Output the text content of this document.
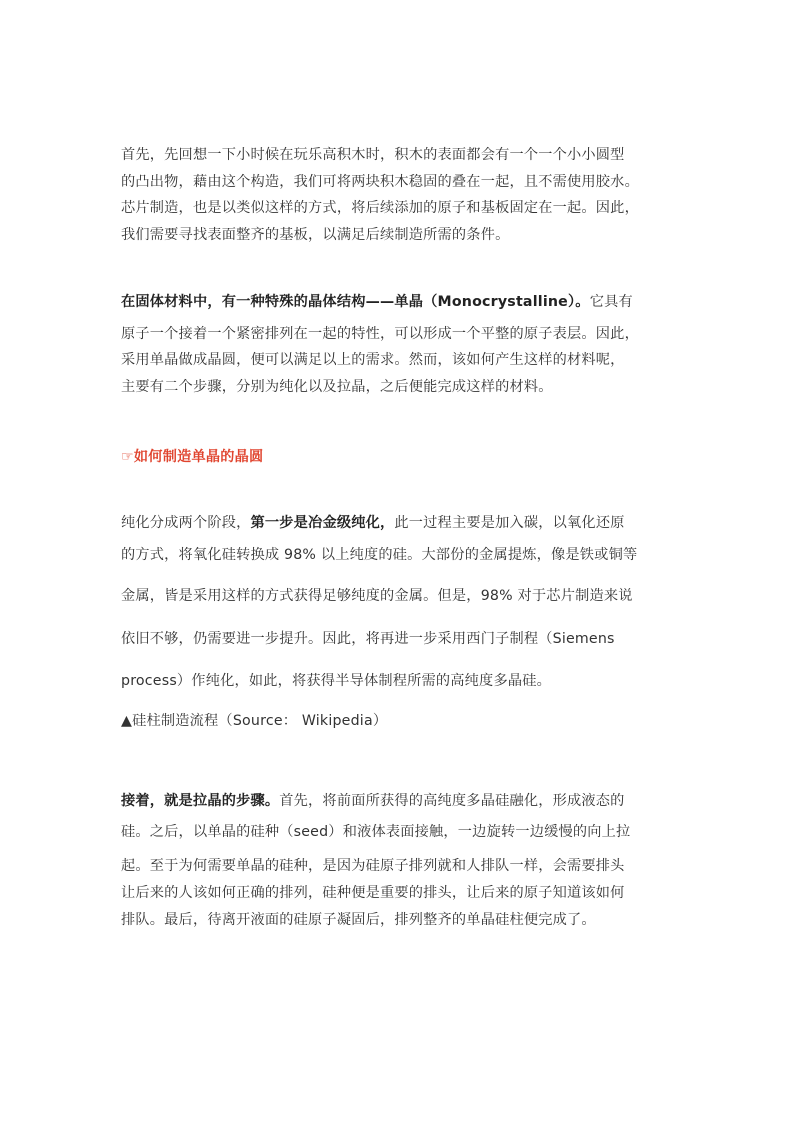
首先，先回想一下小时候在玩乐高积木时，积木的表面都会有一个一个小小圆型
的凸出物，藉由这个构造，我们可将两块积木稳固的叠在一起，且不需使用胶水。
芯片制造，也是以类似这样的方式，将后续添加的原子和基板固定在一起。因此，
我们需要寻找表面整齐的基板，以满足后续制造所需的条件。
在固体材料中，有一种特殊的晶体结构——单晶（Monocrystalline）。它具有
原子一个接着一个紧密排列在一起的特性，可以形成一个平整的原子表层。因此，
采用单晶做成晶圆，便可以满足以上的需求。然而，该如何产生这样的材料呢，
主要有二个步骤，分别为纯化以及拉晶，之后便能完成这样的材料。
☞如何制造单晶的晶圆
纯化分成两个阶段，第一步是冶金级纯化，此一过程主要是加入碳，以氧化还原
的方式，将氧化硅转换成 98% 以上纯度的硅。大部份的金属提炼，像是铁或铜等
金属，皆是采用这样的方式获得足够纯度的金属。但是，98% 对于芯片制造来说
依旧不够，仍需要进一步提升。因此，将再进一步采用西门子制程（Siemens
process）作纯化，如此，将获得半导体制程所需的高纯度多晶硅。
▲硅柱制造流程（Source： Wikipedia）
接着，就是拉晶的步骤。首先，将前面所获得的高纯度多晶硅融化，形成液态的
硅。之后，以单晶的硅种（seed）和液体表面接触，一边旋转一边缓慢的向上拉
起。至于为何需要单晶的硅种，是因为硅原子排列就和人排队一样，会需要排头
让后来的人该如何正确的排列，硅种便是重要的排头，让后来的原子知道该如何
排队。最后，待离开液面的硅原子凝固后，排列整齐的单晶硅柱便完成了。
